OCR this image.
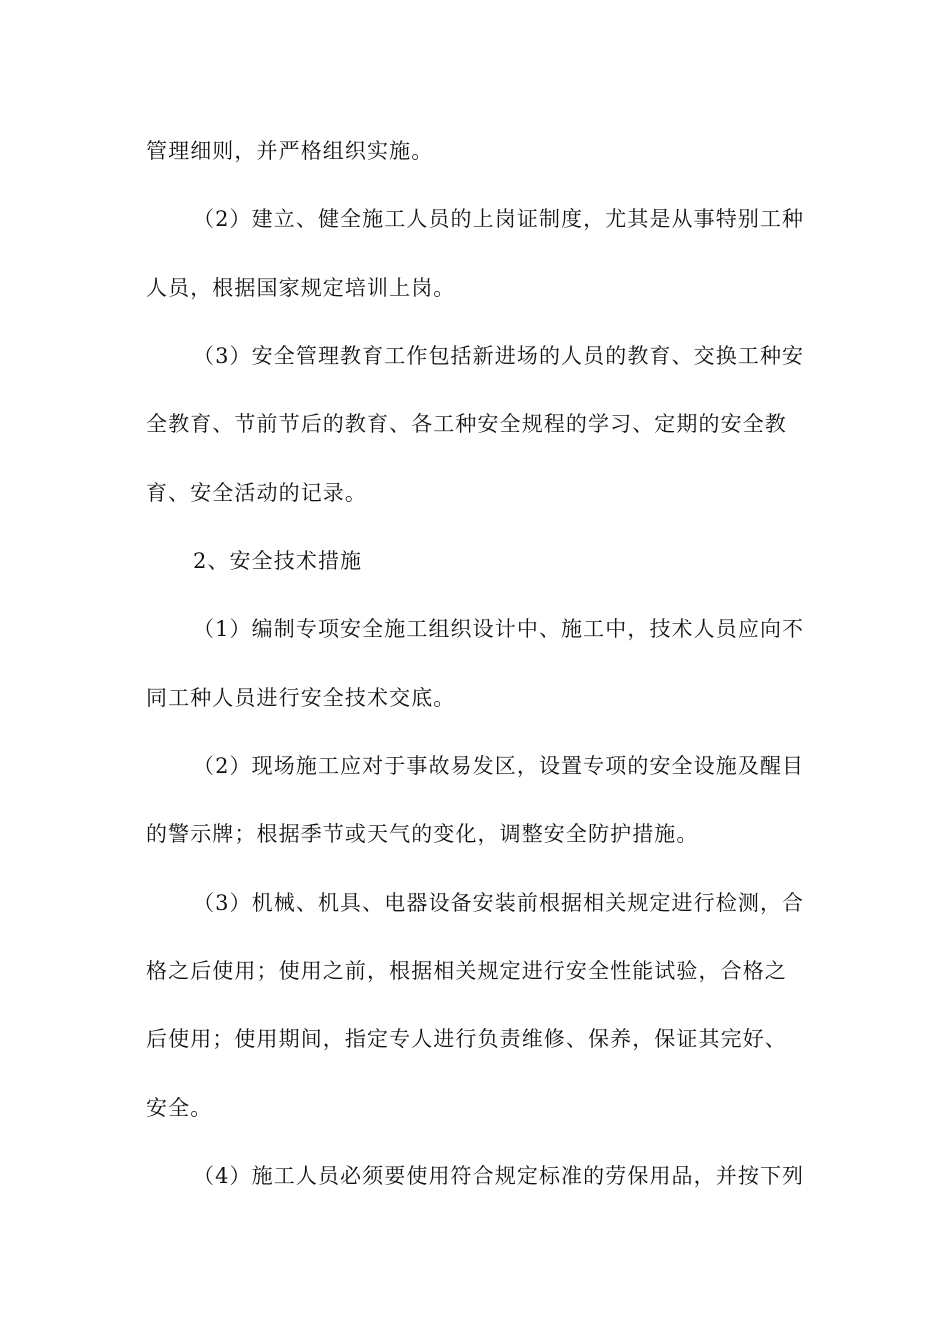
管理细则，并严格组织实施。
（2）建立、健全施工人员的上岗证制度，尤其是从事特别工种
人员，根据国家规定培训上岗。
（3）安全管理教育工作包括新进场的人员的教育、交换工种安
全教育、节前节后的教育、各工种安全规程的学习、定期的安全教
育、安全活动的记录。
2、安全技术措施
（1）编制专项安全施工组织设计中、施工中，技术人员应向不
同工种人员进行安全技术交底。
（2）现场施工应对于事故易发区，设置专项的安全设施及醒目
的警示牌；根据季节或天气的变化，调整安全防护措施。
（3）机械、机具、电器设备安装前根据相关规定进行检测，合
格之后使用；使用之前，根据相关规定进行安全性能试验，合格之
后使用；使用期间，指定专人进行负责维修、保养，保证其完好、
安全。
（4）施工人员必须要使用符合规定标准的劳保用品，并按下列
